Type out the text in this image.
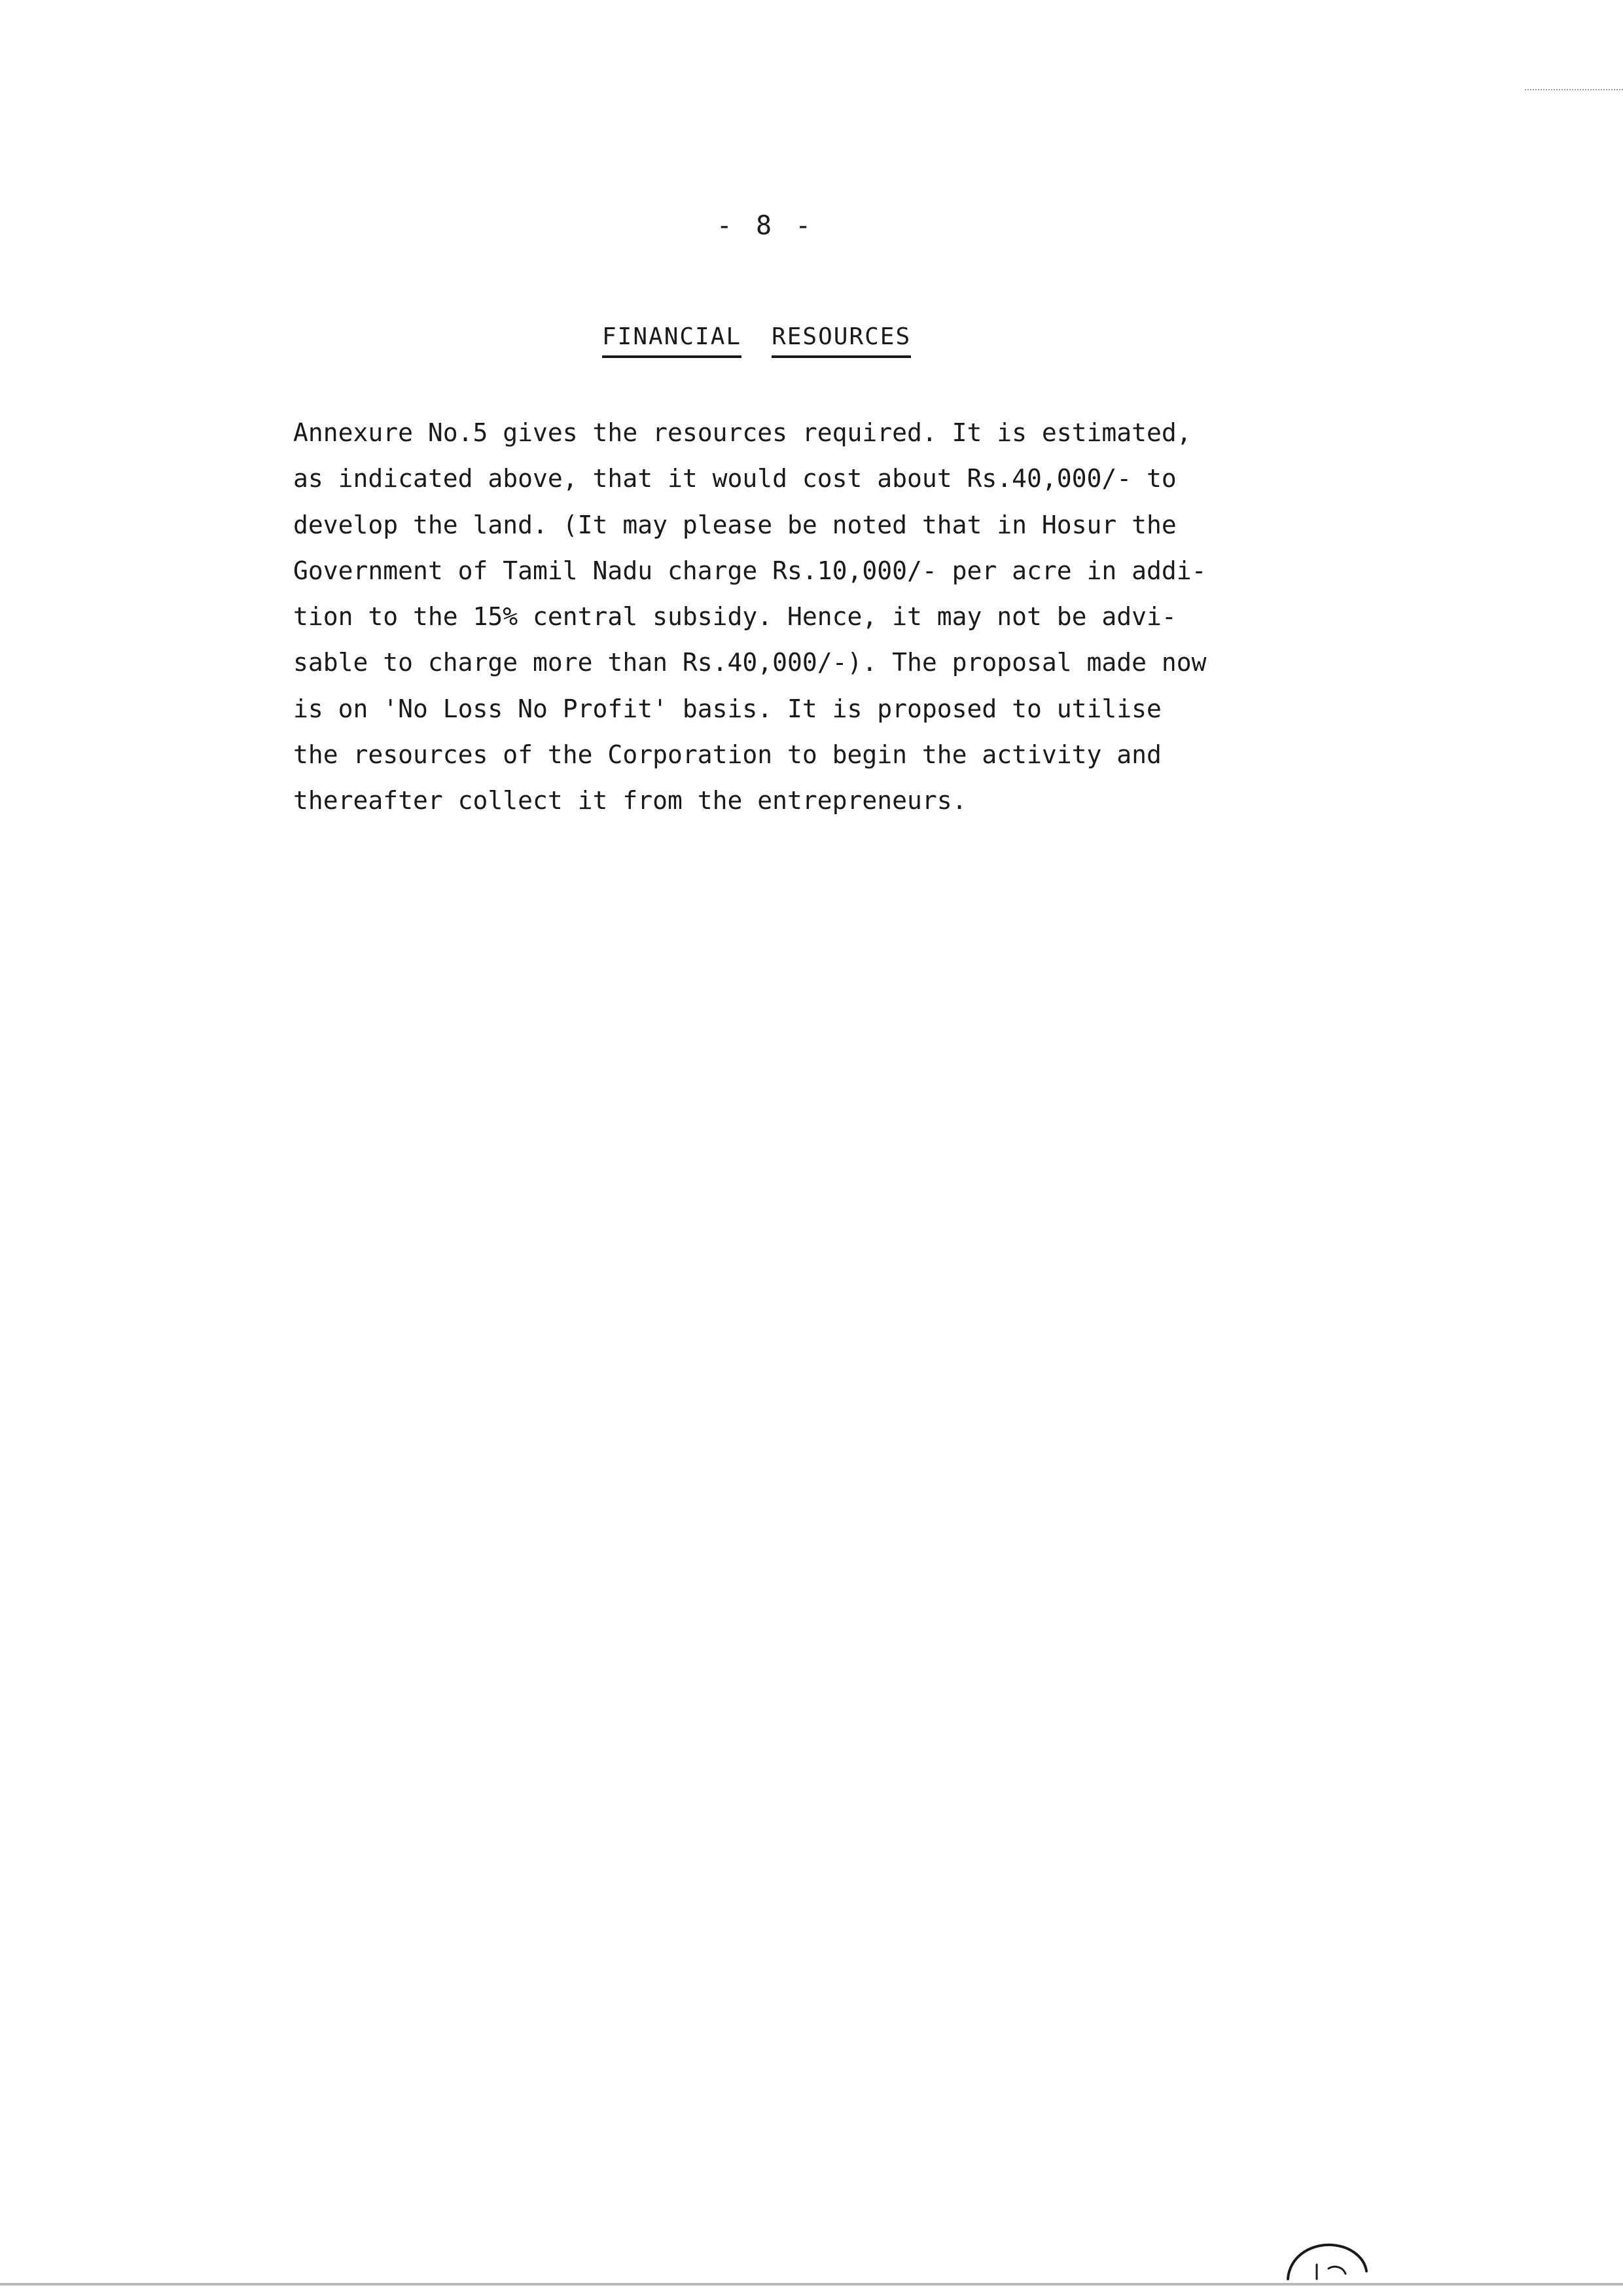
- 8 -
FINANCIAL RESOURCES
Annexure No.5 gives the resources required. It is estimated,
as indicated above, that it would cost about Rs.40,000/- to
develop the land. (It may please be noted that in Hosur the
Government of Tamil Nadu charge Rs.10,000/- per acre in addi-
tion to the 15% central subsidy. Hence, it may not be advi-
sable to charge more than Rs.40,000/-). The proposal made now
is on 'No Loss No Profit' basis. It is proposed to utilise
the resources of the Corporation to begin the activity and
thereafter collect it from the entrepreneurs.
